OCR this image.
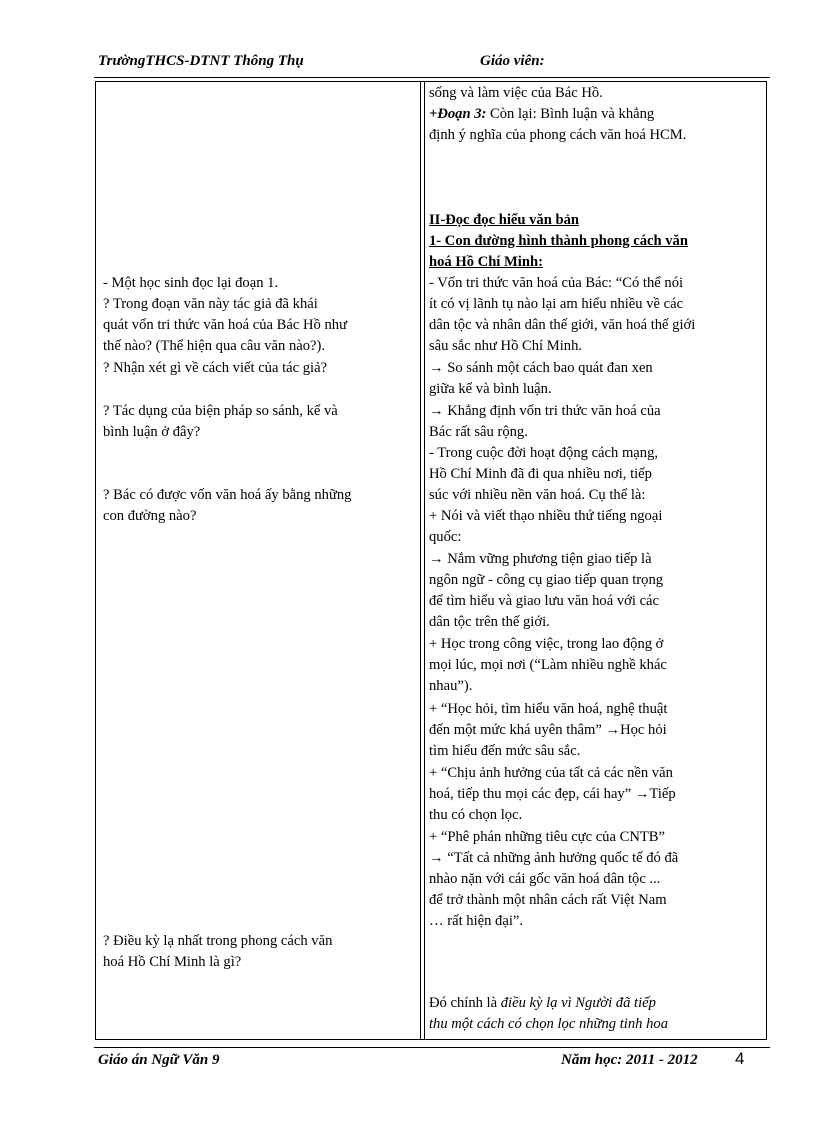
TrườngTHCS-DTNT Thông Thụ	Giáo viên:
sống và làm việc của Bác Hồ.
+Đoạn 3: Còn lại: Bình luận và khẳng
định ý nghĩa của phong cách văn hoá HCM.
II-Đọc đọc hiểu văn bản
1- Con đường hình thành phong cách văn
hoá Hồ Chí Minh:
- Vốn tri thức văn hoá của Bác: “Có thể nói
ít có vị lãnh tụ nào lại am hiểu nhiều về các
dân tộc và nhân dân thế giới, văn hoá thế giới
sâu sắc như Hồ Chí Minh.
→ So sánh một cách bao quát đan xen
giữa kể và bình luận.
→ Khẳng định vốn tri thức văn hoá của
Bác rất sâu rộng.
- Trong cuộc đời hoạt động cách mạng,
Hồ Chí Minh đã đi qua nhiều nơi, tiếp
súc với nhiều nền văn hoá. Cụ thể là:
+ Nói và viết thạo nhiều thứ tiếng ngoại
quốc:
→ Nắm vững phương tiện giao tiếp là
ngôn ngữ - công cụ giao tiếp quan trọng
để tìm hiểu và giao lưu văn hoá với các
dân tộc trên thế giới.
+ Học trong công việc, trong lao động ở
mọi lúc, mọi nơi (“Làm nhiều nghề khác
nhau”).
+ “Học hỏi, tìm hiểu văn hoá, nghệ thuật
đến một mức khá uyên thâm” →Học hỏi
tìm hiểu đến mức sâu sắc.
+ “Chịu ảnh hưởng của tất cả các nền văn
hoá, tiếp thu mọi các đẹp, cái hay” →Tiếp
thu có chọn lọc.
+ “Phê phán những tiêu cực của CNTB”
→ “Tất cả những ảnh hưởng quốc tế đó đã
nhào nặn với cái gốc văn hoá dân tộc ...
để trở thành một nhân cách rất Việt Nam
… rất hiện đại”.
Đó chính là điều kỳ lạ vì Người đã tiếp
thu một cách có chọn lọc những tinh hoa
- Một học sinh đọc lại đoạn 1.
? Trong đoạn văn này tác giả đã khái
quát vốn tri thức văn hoá của Bác Hồ như
thế nào? (Thể hiện qua câu văn nào?).
? Nhận xét gì về cách viết của tác giả?
? Tác dụng của biện pháp so sánh, kể và
bình luận ở đây?
? Bác có được vốn văn hoá ấy bằng những
con đường nào?
? Điều kỳ lạ nhất trong phong cách văn
hoá Hồ Chí Minh là gì?
Giáo án Ngữ Văn 9	Năm học: 2011 - 2012 4
